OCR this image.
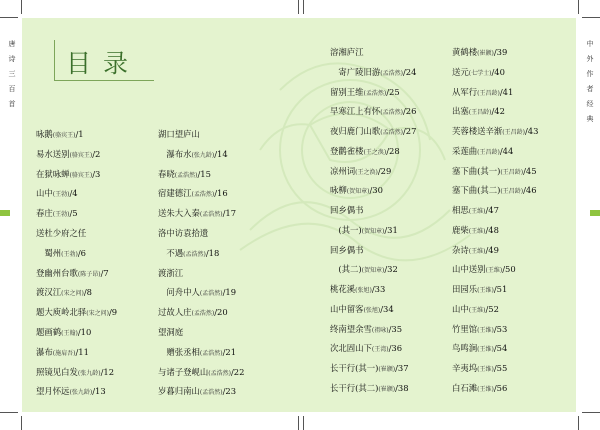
唐诗三百首	中外作者经典
目录
咏鹅(骆宾王)/1
易水送别(骆宾王)/2
在狱咏蝉(骆宾王)/3
山中(王勃)/4
春庄(王勃)/5
送杜少府之任
　蜀州(王勃)/6
登幽州台歌(陈子昂)/7
渡汉江(宋之问)/8
题大庾岭北驿(宋之问)/9
题画鹤(王翰)/10
瀑布(施肩吾)/11
照镜见白发(张九龄)/12
望月怀远(张九龄)/13
湖口望庐山
　瀑布水(张九龄)/14
春晓(孟浩然)/15
宿建德江(孟浩然)/16
送朱大入秦(孟浩然)/17
洛中访袁拾遗
　不遇(孟浩然)/18
渡浙江
　问舟中人(孟浩然)/19
过故人庄(孟浩然)/20
望洞庭
　赠张丞相(孟浩然)/21
与诸子登岘山(孟浩然)/22
岁暮归南山(孟浩然)/23
溶湘庐江
　寄广陵旧游(孟浩然)/24
留别王维(孟浩然)/25
早寒江上有怀(孟浩然)/26
夜归鹿门山歌(孟浩然)/27
登鹳雀楼(王之涣)/28
凉州词(王之涣)/29
咏柳(贺知章)/30
回乡偶书
　(其一)(贺知章)/31
回乡偶书
　(其二)(贺知章)/32
桃花溪(张旭)/33
山中留客(张旭)/34
终南望余雪(祖咏)/35
次北固山下(王湾)/36
长干行(其一)(崔颢)/37
长干行(其二)(崔颢)/38
黄鹤楼(崔颢)/39
送元(七学士)/40
从军行(王昌龄)/41
出塞(王昌龄)/42
芙蓉楼送辛渐(王昌龄)/43
采莲曲(王昌龄)/44
塞下曲(其一)(王昌龄)/45
塞下曲(其二)(王昌龄)/46
相思(王维)/47
鹿柴(王维)/48
杂诗(王维)/49
山中送别(王维)/50
田园乐(王维)/51
山中(王维)/52
竹里馆(王维)/53
鸟鸣涧(王维)/54
辛夷坞(王维)/55
白石滩(王维)/56
